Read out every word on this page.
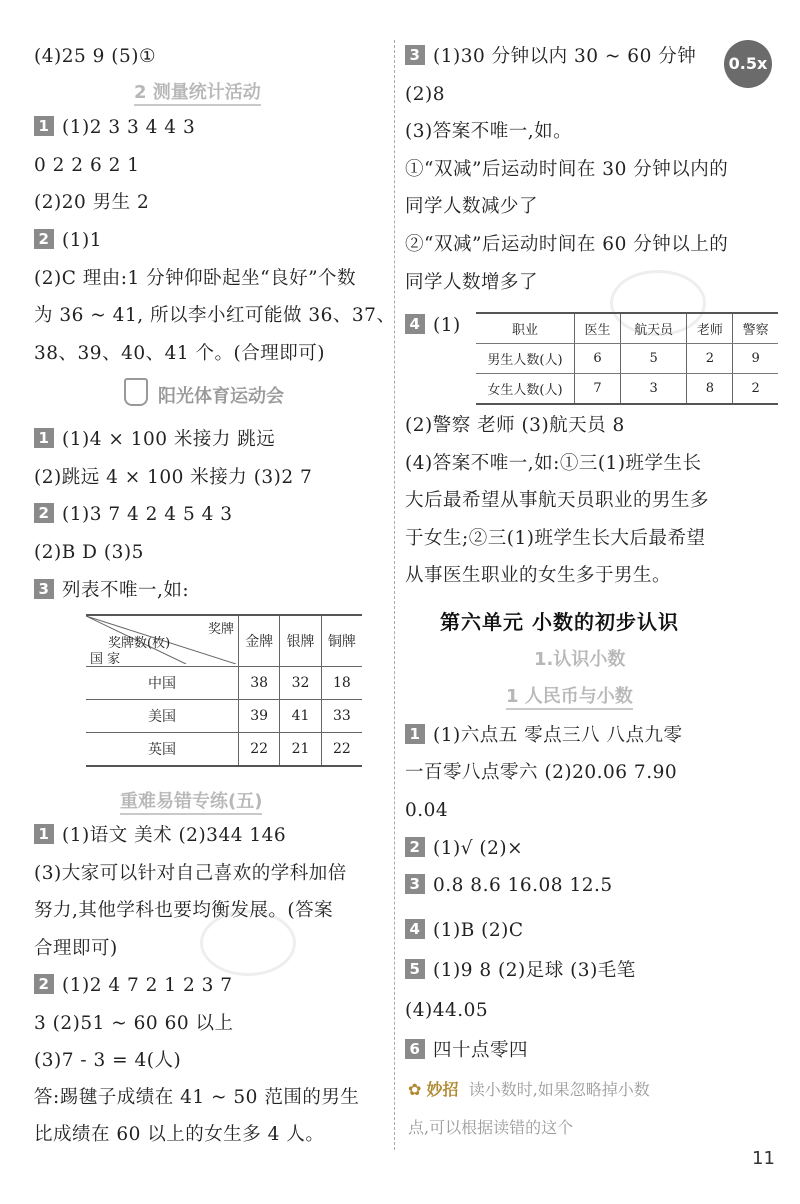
(4)25 9 (5)①
2 测量统计活动
1 (1)2 3 3 4 4 3
0 2 2 6 2 1
(2)20 男生 2
2 (1)1
(2)C 理由:1 分钟仰卧起坐“良好”个数
为 36 ~ 41, 所以李小红可能做 36、37、
38、39、40、41 个。(合理即可)
阳光体育运动会
1 (1)4 × 100 米接力 跳远
(2)跳远 4 × 100 米接力 (3)2 7
2 (1)3 7 4 2 4 5 4 3
(2)B D (3)5
3 列表不唯一,如:
奖牌
奖牌数(枚)
国 家	金牌	银牌	铜牌
中国	38	32	18
美国	39	41	33
英国	22	21	22
重难易错专练(五)
1 (1)语文 美术 (2)344 146
(3)大家可以针对自己喜欢的学科加倍
努力,其他学科也要均衡发展。(答案
合理即可)
2 (1)2 4 7 2 1 2 3 7
3 (2)51 ~ 60 60 以上
(3)7 - 3 = 4(人)
答:踢毽子成绩在 41 ~ 50 范围的男生
比成绩在 60 以上的女生多 4 人。
3 (1)30 分钟以内 30 ~ 60 分钟
(2)8
(3)答案不唯一,如。
①“双减”后运动时间在 30 分钟以内的
同学人数减少了
②“双减”后运动时间在 60 分钟以上的
同学人数增多了
4 (1)	职业	医生	航天员	老师	警察
男生人数(人)	6	5	2	9
女生人数(人)	7	3	8	2
(2)警察 老师 (3)航天员 8
(4)答案不唯一,如:①三(1)班学生长
大后最希望从事航天员职业的男生多
于女生;②三(1)班学生长大后最希望
从事医生职业的女生多于男生。
第六单元 小数的初步认识
1.认识小数
1 人民币与小数
1 (1)六点五 零点三八 八点九零
一百零八点零六 (2)20.06 7.90
0.04
2 (1)√ (2)×
3 0.8 8.6 16.08 12.5
4 (1)B (2)C
5 (1)9 8 (2)足球 (3)毛笔
(4)44.05
6 四十点零四
✿ 妙招 读小数时,如果忽略掉小数
点,可以根据读错的这个
11
0.5x
